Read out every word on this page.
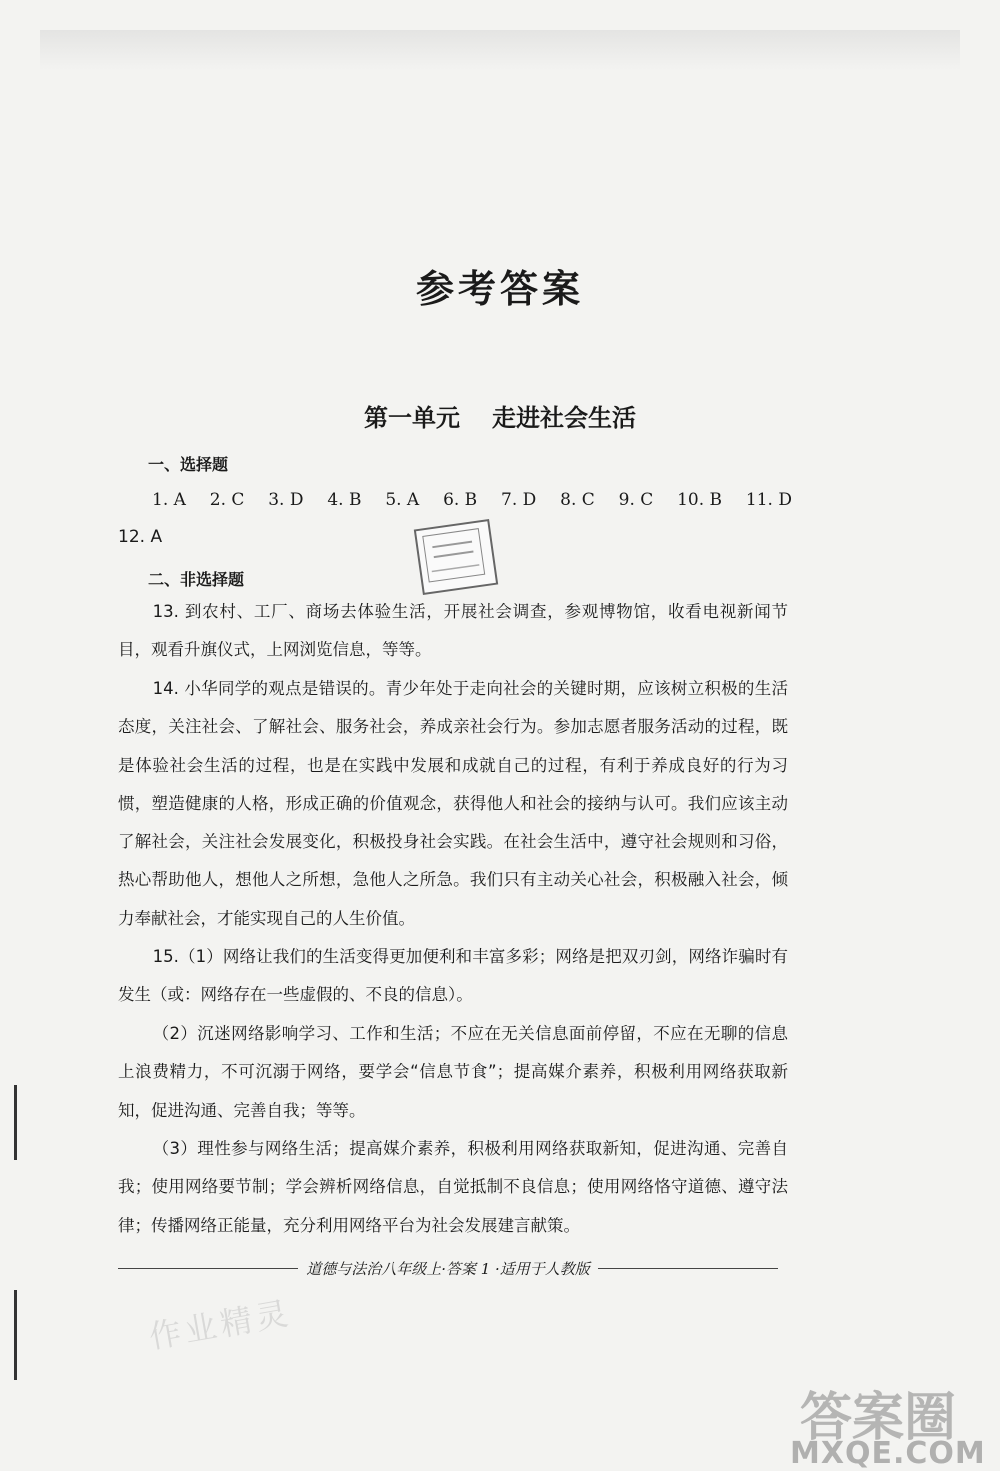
参考答案
第一单元 走进社会生活
一、选择题
1. A 2. C 3. D 4. B 5. A 6. B 7. D 8. C 9. C 10. B 11. D
12. A
二、非选择题
13. 到农村、工厂、商场去体验生活，开展社会调查，参观博物馆，收看电视新闻节目，观看升旗仪式，上网浏览信息，等等。
14. 小华同学的观点是错误的。青少年处于走向社会的关键时期，应该树立积极的生活态度，关注社会、了解社会、服务社会，养成亲社会行为。参加志愿者服务活动的过程，既是体验社会生活的过程，也是在实践中发展和成就自己的过程，有利于养成良好的行为习惯，塑造健康的人格，形成正确的价值观念，获得他人和社会的接纳与认可。我们应该主动了解社会，关注社会发展变化，积极投身社会实践。在社会生活中，遵守社会规则和习俗，热心帮助他人，想他人之所想，急他人之所急。我们只有主动关心社会，积极融入社会，倾力奉献社会，才能实现自己的人生价值。
15.（1）网络让我们的生活变得更加便利和丰富多彩；网络是把双刃剑，网络诈骗时有发生（或：网络存在一些虚假的、不良的信息）。
（2）沉迷网络影响学习、工作和生活；不应在无关信息面前停留，不应在无聊的信息上浪费精力，不可沉溺于网络，要学会“信息节食”；提高媒介素养，积极利用网络获取新知，促进沟通、完善自我；等等。
（3）理性参与网络生活；提高媒介素养，积极利用网络获取新知，促进沟通、完善自我；使用网络要节制；学会辨析网络信息，自觉抵制不良信息；使用网络恪守道德、遵守法律；传播网络正能量，充分利用网络平台为社会发展建言献策。
道德与法治八年级上·答案 1 ·适用于人教版
作业精灵
答案圈
MXQE.COM
